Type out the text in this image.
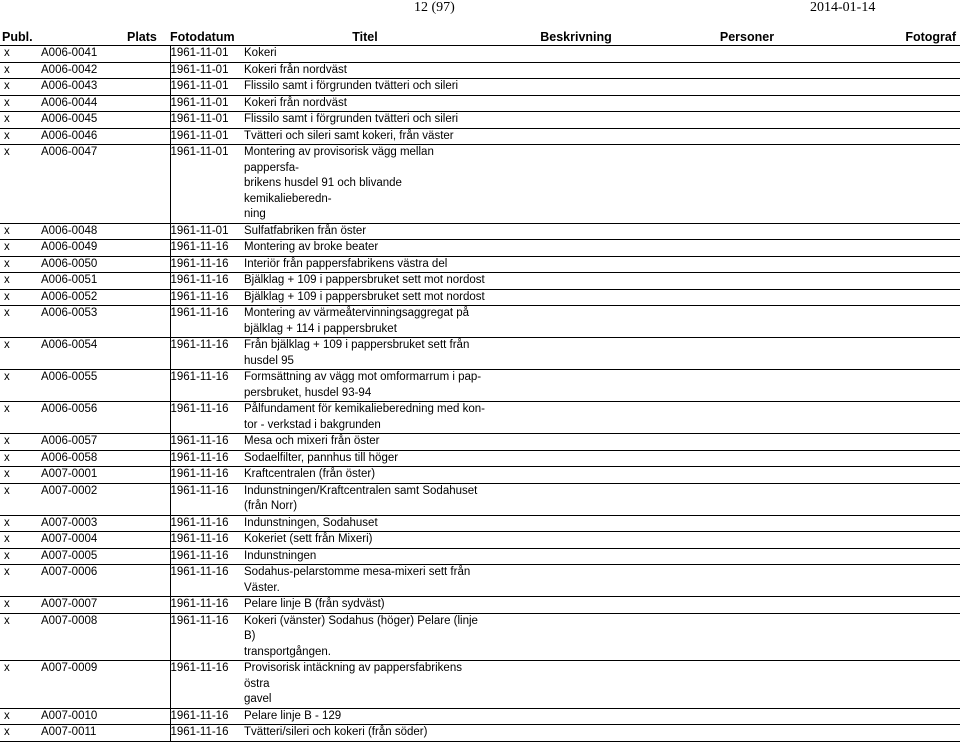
12 (97)	2014-01-14
Publ.	Plats	Fotodatum	Titel	Beskrivning	Personer	Fotograf
x	A006-0041	1961-11-01	Kokeri			
x	A006-0042	1961-11-01	Kokeri från nordväst			
x	A006-0043	1961-11-01	Flissilo samt i förgrunden tvätteri och sileri			
x	A006-0044	1961-11-01	Kokeri från nordväst			
x	A006-0045	1961-11-01	Flissilo samt i förgrunden tvätteri och sileri			
x	A006-0046	1961-11-01	Tvätteri och sileri samt kokeri, från väster			
x	A006-0047	1961-11-01	Montering av provisorisk vägg mellan pappersfa-
brikens husdel 91 och blivande kemikalieberedn-
ning			

x	A006-0048	1961-11-01	Sulfatfabriken från öster			
x	A006-0049	1961-11-16	Montering av broke beater			
x	A006-0050	1961-11-16	Interiör från pappersfabrikens västra del			
x	A006-0051	1961-11-16	Bjälklag + 109 i pappersbruket sett mot nordost			
x	A006-0052	1961-11-16	Bjälklag + 109 i pappersbruket sett mot nordost			
x	A006-0053	1961-11-16	Montering av värmeåtervinningsaggregat på
bjälklag + 114 i pappersbruket			

x	A006-0054	1961-11-16	Från bjälklag + 109 i pappersbruket sett från
husdel 95			

x	A006-0055	1961-11-16	Formsättning av vägg mot omformarrum i pap-
persbruket, husdel 93-94			

x	A006-0056	1961-11-16	Pålfundament för kemikalieberedning med kon-
tor - verkstad i bakgrunden			

x	A006-0057	1961-11-16	Mesa och mixeri från öster			
x	A006-0058	1961-11-16	Sodaelfilter, pannhus till höger			
x	A007-0001	1961-11-16	Kraftcentralen (från öster)			
x	A007-0002	1961-11-16	Indunstningen/Kraftcentralen samt Sodahuset
(från Norr)			

x	A007-0003	1961-11-16	Indunstningen, Sodahuset			
x	A007-0004	1961-11-16	Kokeriet (sett från Mixeri)			
x	A007-0005	1961-11-16	Indunstningen			
x	A007-0006	1961-11-16	Sodahus-pelarstomme mesa-mixeri sett från
Väster.			

x	A007-0007	1961-11-16	Pelare linje B (från sydväst)			
x	A007-0008	1961-11-16	Kokeri (vänster) Sodahus (höger) Pelare (linje B)
transportgången.			

x	A007-0009	1961-11-16	Provisorisk intäckning av pappersfabrikens östra
gavel			

x	A007-0010	1961-11-16	Pelare linje B - 129			
x	A007-0011	1961-11-16	Tvätteri/sileri och kokeri (från söder)			
